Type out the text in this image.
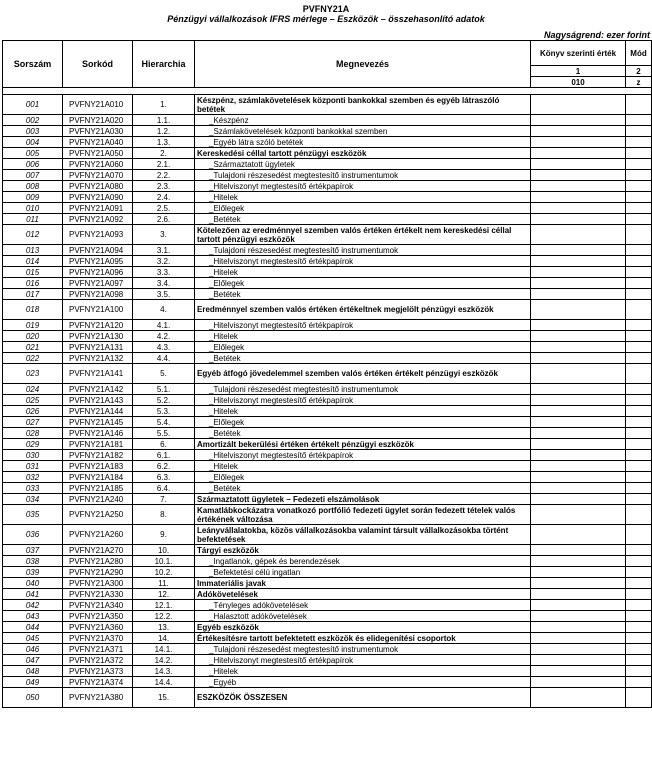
PVFNY21A
Pénzügyi vállalkozások IFRS mérlege – Eszközök – összehasonlító adatok
Nagyságrend: ezer forint
Sorszám	Sorkód	Hierarchia	Megnevezés	Könyv szerinti érték	Mód
				1	2
				010	z

001	PVFNY21A010	1.	Készpénz, számlakövetelések központi bankokkal szemben és egyéb látraszóló betétek		
002	PVFNY21A020	1.1.	_Készpénz		
003	PVFNY21A030	1.2.	_Számlakövetelések központi bankokkal szemben		
004	PVFNY21A040	1.3.	_Egyéb látra szóló betétek		
005	PVFNY21A050	2.	Kereskedési céllal tartott pénzügyi eszközök		
006	PVFNY21A060	2.1.	_Származtatott ügyletek		
007	PVFNY21A070	2.2.	_Tulajdoni részesedést megtestesítő instrumentumok		
008	PVFNY21A080	2.3.	_Hitelviszonyt megtestesítő értékpapírok		
009	PVFNY21A090	2.4.	_Hitelek		
010	PVFNY21A091	2.5.	_Előlegek		
011	PVFNY21A092	2.6.	_Betétek		
012	PVFNY21A093	3.	Kötelezően az eredménnyel szemben valós értéken értékelt nem kereskedési céllal tartott pénzügyi eszközök		
013	PVFNY21A094	3.1.	_Tulajdoni részesedést megtestesítő instrumentumok		
014	PVFNY21A095	3.2.	_Hitelviszonyt megtestesítő értékpapírok		
015	PVFNY21A096	3.3.	_Hitelek		
016	PVFNY21A097	3.4.	_Előlegek		
017	PVFNY21A098	3.5.	_Betétek		
018	PVFNY21A100	4.	Eredménnyel szemben valós értéken értékeltnek megjelölt pénzügyi eszközök		
019	PVFNY21A120	4.1.	_Hitelviszonyt megtestesítő értékpapírok		
020	PVFNY21A130	4.2.	_Hitelek		
021	PVFNY21A131	4.3.	_Előlegek		
022	PVFNY21A132	4.4.	_Betétek		
023	PVFNY21A141	5.	Egyéb átfogó jövedelemmel szemben valós értéken értékelt pénzügyi eszközök		
024	PVFNY21A142	5.1.	_Tulajdoni részesedést megtestesítő instrumentumok		
025	PVFNY21A143	5.2.	_Hitelviszonyt megtestesítő értékpapírok		
026	PVFNY21A144	5.3.	_Hitelek		
027	PVFNY21A145	5.4.	_Előlegek		
028	PVFNY21A146	5.5.	_Betétek		
029	PVFNY21A181	6.	Amortizált bekerülési értéken értékelt pénzügyi eszközök		
030	PVFNY21A182	6.1.	_Hitelviszonyt megtestesítő értékpapírok		
031	PVFNY21A183	6.2.	_Hitelek		
032	PVFNY21A184	6.3.	_Előlegek		
033	PVFNY21A185	6.4.	_Betétek		
034	PVFNY21A240	7.	Származtatott ügyletek – Fedezeti elszámolások		
035	PVFNY21A250	8.	Kamatlábkockázatra vonatkozó portfólió fedezeti ügylet során fedezett tételek valós értékének változása		
036	PVFNY21A260	9.	Leányvállalatokba, közös vállalkozásokba valamint társult vállalkozásokba történt befektetések		
037	PVFNY21A270	10.	Tárgyi eszközök		
038	PVFNY21A280	10.1.	_Ingatlanok, gépek és berendezések		
039	PVFNY21A290	10.2.	_Befektetési célú ingatlan		
040	PVFNY21A300	11.	Immateriális javak		
041	PVFNY21A330	12.	Adókövetelések		
042	PVFNY21A340	12.1.	_Tényleges adókövetelések		
043	PVFNY21A350	12.2.	_Halasztott adókövetelések		
044	PVFNY21A360	13.	Egyéb eszközök		
045	PVFNY21A370	14.	Értékesítésre tartott befektetett eszközök és elidegenítési csoportok		
046	PVFNY21A371	14.1.	_Tulajdoni részesedést megtestesítő instrumentumok		
047	PVFNY21A372	14.2.	_Hitelviszonyt megtestesítő értékpapírok		
048	PVFNY21A373	14.3.	_Hitelek		
049	PVFNY21A374	14.4.	_Egyéb		
050	PVFNY21A380	15.	ESZKÖZÖK ÖSSZESEN		
